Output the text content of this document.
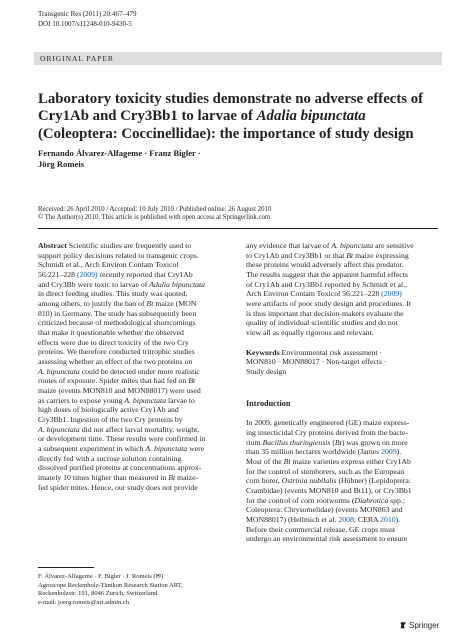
Transgenic Res (2011) 20:467–479
DOI 10.1007/s11248-010-9430-5
ORIGINAL PAPER
Laboratory toxicity studies demonstrate no adverse effects of Cry1Ab and Cry3Bb1 to larvae of Adalia bipunctata (Coleoptera: Coccinellidae): the importance of study design
Fernando Álvarez-Alfageme · Franz Bigler ·
Jörg Romeis
Received: 26 April 2010 / Accepted: 10 July 2010 / Published online: 26 August 2010
© The Author(s) 2010. This article is published with open access at Springerlink.com
Abstract Scientific studies are frequently used to
support policy decisions related to transgenic crops.
Schmidt et al., Arch Environ Contam Toxicol
56:221–228 (2009) recently reported that Cry1Ab
and Cry3Bb were toxic to larvae of Adalia bipunctata
in direct feeding studies. This study was quoted,
among others, to justify the ban of Bt maize (MON
810) in Germany. The study has subsequently been
criticized because of methodological shortcomings
that make it questionable whether the observed
effects were due to direct toxicity of the two Cry
proteins. We therefore conducted tritrophic studies
assessing whether an effect of the two proteins on
A. bipunctata could be detected under more realistic
routes of exposure. Spider mites that had fed on Bt
maize (events MON810 and MON88017) were used
as carriers to expose young A. bipunctata larvae to
high doses of biologically active Cry1Ab and
Cry3Bb1. Ingestion of the two Cry proteins by
A. bipunctata did not affect larval mortality, weight,
or development time. These results were confirmed in
a subsequent experiment in which A. bipunctata were
directly fed with a sucrose solution containing
dissolved purified proteins at concentrations approx-
imately 10 times higher than measured in Bt maize-
fed spider mites. Hence, our study does not provide
any evidence that larvae of A. bipunctata are sensitive
to Cry1Ab and Cry3Bb1 or that Bt maize expressing
these proteins would adversely affect this predator.
The results suggest that the apparent harmful effects
of Cry1Ab and Cry3Bb1 reported by Schmidt et al.,
Arch Environ Contam Toxicol 56:221–228 (2009)
were artifacts of poor study design and procedures. It
is thus important that decision-makers evaluate the
quality of individual scientific studies and do not
view all as equally rigorous and relevant.
Keywords Environmental risk assessment ·
MON810 · MON88017 · Non-target effects ·
Study design
Introduction
In 2009, genetically engineered (GE) maize express-
ing insecticidal Cry proteins derived from the bacte-
rium Bacillus thuringiensis (Bt) was grown on more
than 35 million hectares worldwide (James 2009).
Most of the Bt maize varieties express either Cry1Ab
for the control of stemborers, such as the European
corn borer, Ostrinia nubilalis (Hübner) (Lepidoptera:
Crambidae) (events MON810 and Bt11), or Cry3Bb1
for the control of corn rootworms (Diabrotica spp.;
Coleoptera: Chrysomelidae) (events MON863 and
MON88017) (Hellmich et al. 2008; CERA 2010).
Before their commercial release, GE crops must
undergo an environmental risk assessment to ensure
F. Álvarez-Alfageme · F. Bigler · J. Romeis (✉)
Agroscope Reckenholz-Tänikon Research Station ART,
Reckenholzstr. 191, 8046 Zurich, Switzerland
e-mail: joerg.romeis@art.admin.ch
Springer
